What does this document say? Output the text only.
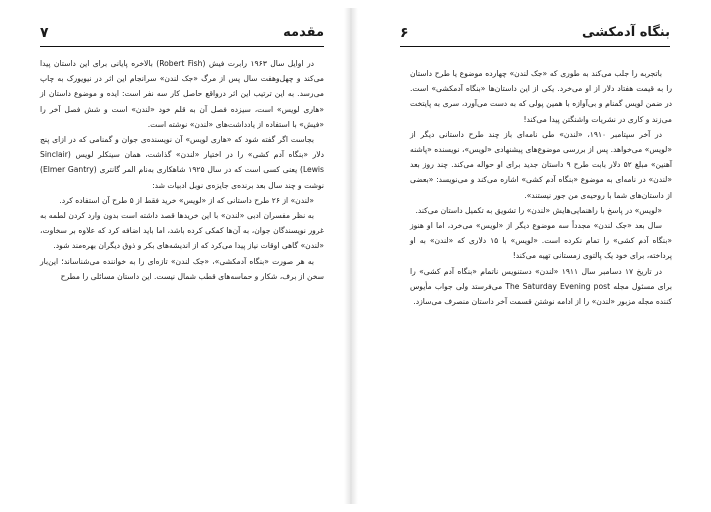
مقدمه
۷

در اوایل سال ۱۹۶۳ رابرت فیش (Robert Fish) بالاخره پایانی برای این داستان پیدا می‌کند و چهل‌وهفت سال پس از مرگ «جک لندن» سرانجام این اثر در نیویورک به چاپ می‌رسد. به این ترتیب این اثر درواقع حاصل کار سه نفر است: ایده و موضوع داستان از «هاری لویس» است، سیزده فصل آن به قلم خود «لندن» است و شش فصل آخر را «فیش» با استفاده از یادداشت‌های «لندن» نوشته است.

بجاست اگر گفته شود که «هاری لویس» آن نویسنده‌ی جوان و گمنامی که در ازای پنج دلار «بنگاه آدم کشی» را در اختیار «لندن» گذاشت، همان سینکلر لویس (Sinclair Lewis) یعنی کسی است که در سال ۱۹۲۵ شاهکاری به‌نام المر گانتری (Elmer Gantry) نوشت و چند سال بعد برنده‌ی جایزه‌ی نوبل ادبیات شد:

«لندن» از ۲۶ طرح داستانی که از «لویس» خرید فقط از ۵ طرح آن استفاده کرد.

به نظر مفسران ادبی «لندن» با این خریدها قصد داشته است بدون وارد کردن لطمه به غرور نویسندگان جوان، به آن‌ها کمکی کرده باشد، اما باید اضافه کرد که علاوه بر سخاوت، «لندن» گاهی اوقات نیاز پیدا می‌کرد که از اندیشه‌های بکر و ذوق دیگران بهره‌مند شود.

به هر صورت «بنگاه آدمکشی»، «جک لندن» تازه‌ای را به خواننده می‌شناساند؛ این‌بار سخن از برف، شکار و حماسه‌های قطب شمال نیست. این داستان مسائلی را مطرح

بنگاه آدمکشی
۶

باتجربه را جلب می‌کند به طوری که «جک لندن» چهارده موضوع یا طرح داستان را به قیمت هفتاد دلار از او می‌خرد. یکی از این داستان‌ها «بنگاه آدمکشی» است. در ضمن لویس گمنام و بی‌آوازه با همین پولی که به دست می‌آورد، سری به پایتخت می‌زند و کاری در نشریات واشنگتن پیدا می‌کند!

در آخر سپتامبر ۱۹۱۰، «لندن» طی نامه‌ای باز چند طرح داستانی دیگر از «لویس» می‌خواهد. پس از بررسی موضوع‌های پیشنهادی «لویس»، نویسنده «پاشنه آهنین» مبلغ ۵۲ دلار بابت طرح ۹ داستان جدید برای او حواله می‌کند. چند روز بعد «لندن» در نامه‌ای به موضوع «بنگاه آدم کشی» اشاره می‌کند و می‌نویسد: «بعضی از داستان‌های شما با روحیه‌ی من جور نیستند».

«لویس» در پاسخ با راهنمایی‌هایش «لندن» را تشویق به تکمیل داستان می‌کند.

سال بعد «جک لندن» مجدداً سه موضوع دیگر از «لویس» می‌خرد، اما او هنوز «بنگاه آدم کشی» را تمام نکرده است. «لویس» با ۱۵ دلاری که «لندن» به او پرداخته، برای خود یک پالتوی زمستانی تهیه می‌کند!

در تاریخ ۱۷ دسامبر سال ۱۹۱۱ «لندن» دستنویس ناتمام «بنگاه آدم کشی» را برای مسئول مجله The Saturday Evening post می‌فرستد ولی جواب مأیوس کننده مجله مزبور «لندن» را از ادامه نوشتن قسمت آخر داستان منصرف می‌سازد.
